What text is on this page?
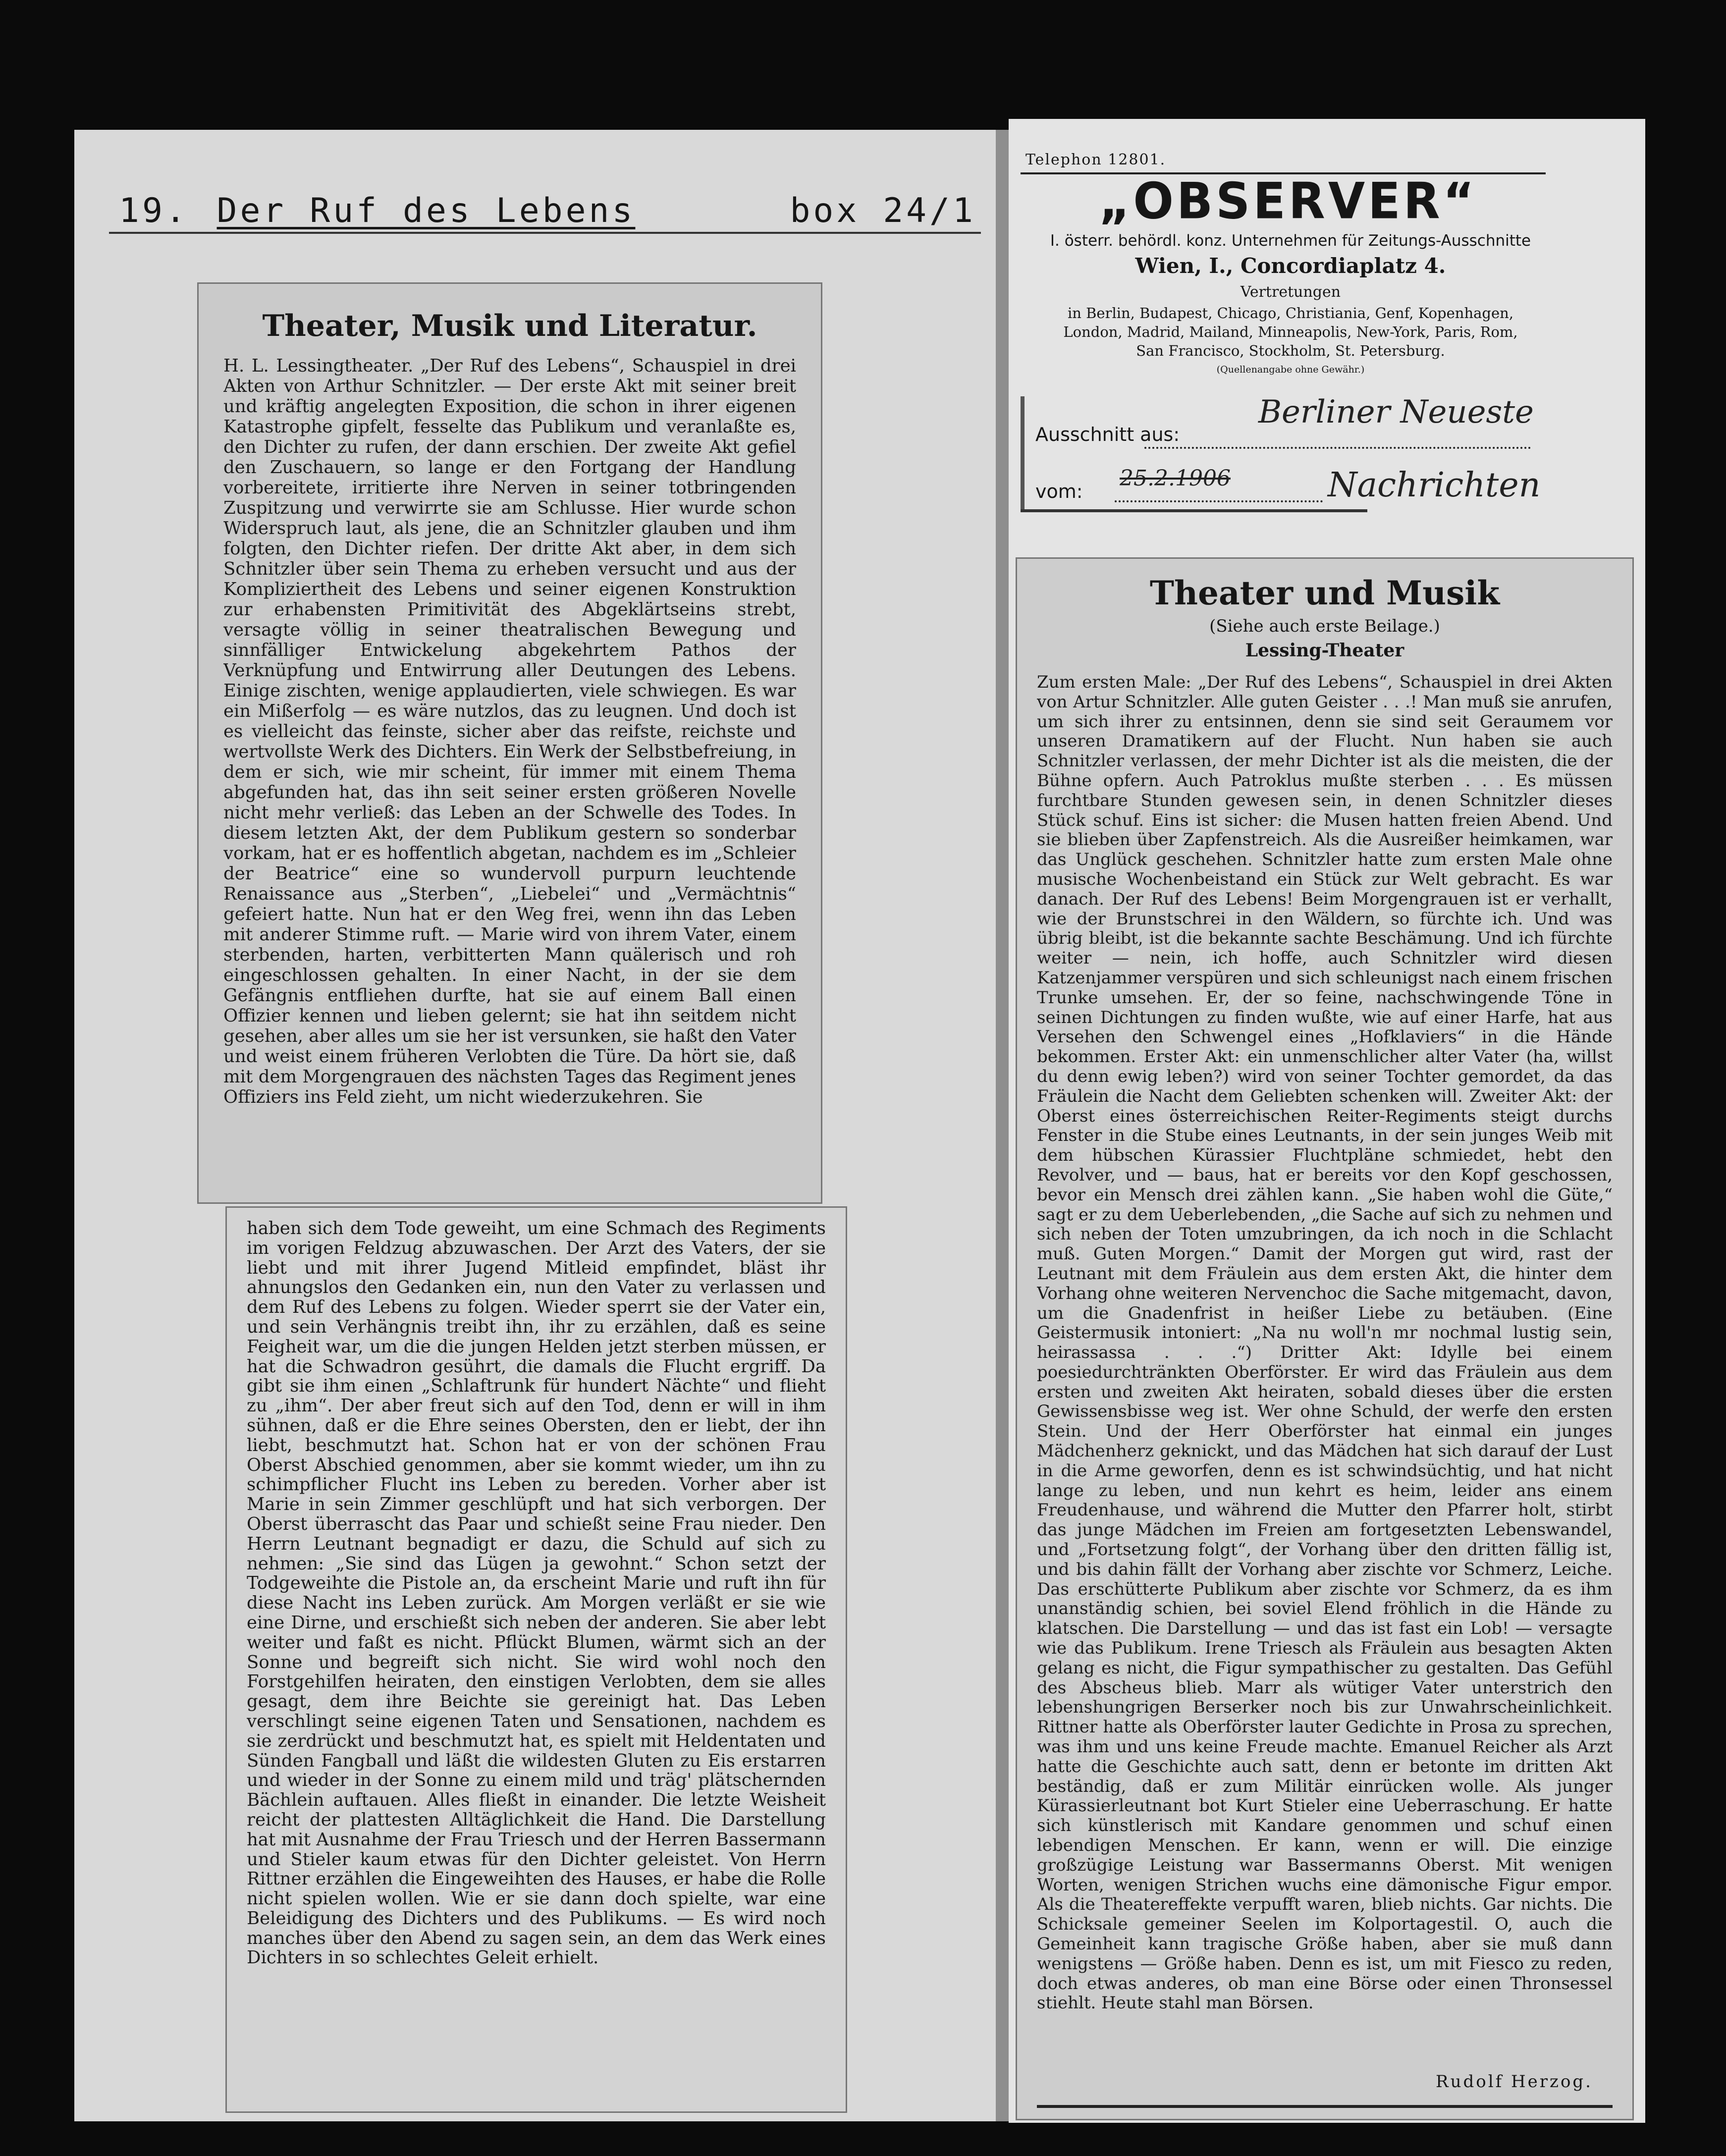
19. Der Ruf des Lebens	box 24/1
Theater, Musik und Literatur.

H. L. Lessingtheater. „Der Ruf des Lebens“, Schauspiel in drei Akten von Arthur Schnitzler. — Der erste Akt mit seiner breit und kräftig angelegten Exposition, die schon in ihrer eigenen Katastrophe gipfelt, fesselte das Publikum und veranlaßte es, den Dichter zu rufen, der dann erschien. Der zweite Akt gefiel den Zuschauern, so lange er den Fortgang der Handlung vorbereitete, irritierte ihre Nerven in seiner totbringenden Zuspitzung und verwirrte sie am Schlusse. Hier wurde schon Widerspruch laut, als jene, die an Schnitzler glauben und ihm folgten, den Dichter riefen. Der dritte Akt aber, in dem sich Schnitzler über sein Thema zu erheben versucht und aus der Kompliziertheit des Lebens und seiner eigenen Konstruktion zur erhabensten Primitivität des Abgeklärtseins strebt, versagte völlig in seiner theatralischen Bewegung und sinnfälliger Entwickelung abgekehrtem Pathos der Verknüpfung und Entwirrung aller Deutungen des Lebens. Einige zischten, wenige applaudierten, viele schwiegen. Es war ein Mißerfolg — es wäre nutzlos, das zu leugnen. Und doch ist es vielleicht das feinste, sicher aber das reifste, reichste und wertvollste Werk des Dichters. Ein Werk der Selbstbefreiung, in dem er sich, wie mir scheint, für immer mit einem Thema abgefunden hat, das ihn seit seiner ersten größeren Novelle nicht mehr verließ: das Leben an der Schwelle des Todes. In diesem letzten Akt, der dem Publikum gestern so sonderbar vorkam, hat er es hoffentlich abgetan, nachdem es im „Schleier der Beatrice“ eine so wundervoll purpurn leuchtende Renaissance aus „Sterben“, „Liebelei“ und „Vermächtnis“ gefeiert hatte. Nun hat er den Weg frei, wenn ihn das Leben mit anderer Stimme ruft. — Marie wird von ihrem Vater, einem sterbenden, harten, verbitterten Mann quälerisch und roh eingeschlossen gehalten. In einer Nacht, in der sie dem Gefängnis entfliehen durfte, hat sie auf einem Ball einen Offizier kennen und lieben gelernt; sie hat ihn seitdem nicht gesehen, aber alles um sie her ist versunken, sie haßt den Vater und weist einem früheren Verlobten die Türe. Da hört sie, daß mit dem Morgengrauen des nächsten Tages das Regiment jenes Offiziers ins Feld zieht, um nicht wiederzukehren. Sie

haben sich dem Tode geweiht, um eine Schmach des Regiments im vorigen Feldzug abzuwaschen. Der Arzt des Vaters, der sie liebt und mit ihrer Jugend Mitleid empfindet, bläst ihr ahnungslos den Gedanken ein, nun den Vater zu verlassen und dem Ruf des Lebens zu folgen. Wieder sperrt sie der Vater ein, und sein Verhängnis treibt ihn, ihr zu erzählen, daß es seine Feigheit war, um die die jungen Helden jetzt sterben müssen, er hat die Schwadron gesührt, die damals die Flucht ergriff. Da gibt sie ihm einen „Schlaftrunk für hundert Nächte“ und flieht zu „ihm“. Der aber freut sich auf den Tod, denn er will in ihm sühnen, daß er die Ehre seines Obersten, den er liebt, der ihn liebt, beschmutzt hat. Schon hat er von der schönen Frau Oberst Abschied genommen, aber sie kommt wieder, um ihn zu schimpflicher Flucht ins Leben zu bereden. Vorher aber ist Marie in sein Zimmer geschlüpft und hat sich verborgen. Der Oberst überrascht das Paar und schießt seine Frau nieder. Den Herrn Leutnant begnadigt er dazu, die Schuld auf sich zu nehmen: „Sie sind das Lügen ja gewohnt.“ Schon setzt der Todgeweihte die Pistole an, da erscheint Marie und ruft ihn für diese Nacht ins Leben zurück. Am Morgen verläßt er sie wie eine Dirne, und erschießt sich neben der anderen. Sie aber lebt weiter und faßt es nicht. Pflückt Blumen, wärmt sich an der Sonne und begreift sich nicht. Sie wird wohl noch den Forstgehilfen heiraten, den einstigen Verlobten, dem sie alles gesagt, dem ihre Beichte sie gereinigt hat. Das Leben verschlingt seine eigenen Taten und Sensationen, nachdem es sie zerdrückt und beschmutzt hat, es spielt mit Heldentaten und Sünden Fangball und läßt die wildesten Gluten zu Eis erstarren und wieder in der Sonne zu einem mild und träg' plätschernden Bächlein auftauen. Alles fließt in einander. Die letzte Weisheit reicht der plattesten Alltäglichkeit die Hand. Die Darstellung hat mit Ausnahme der Frau Triesch und der Herren Bassermann und Stieler kaum etwas für den Dichter geleistet. Von Herrn Rittner erzählen die Eingeweihten des Hauses, er habe die Rolle nicht spielen wollen. Wie er sie dann doch spielte, war eine Beleidigung des Dichters und des Publikums. — Es wird noch manches über den Abend zu sagen sein, an dem das Werk eines Dichters in so schlechtes Geleit erhielt.

Telephon 12801.
„OBSERVER“
I. österr. behördl. konz. Unternehmen für Zeitungs-Ausschnitte
Wien, I., Concordiaplatz 4.
Vertretungen
in Berlin, Budapest, Chicago, Christiania, Genf, Kopenhagen,
London, Madrid, Mailand, Minneapolis, New-York, Paris, Rom,
San Francisco, Stockholm, St. Petersburg.
(Quellenangabe ohne Gewähr.)
Ausschnitt aus:
Berliner Neueste
vom:
25.2.1906	Nachrichten
Theater und Musik
(Siehe auch erste Beilage.)
Lessing-Theater

Zum ersten Male: „Der Ruf des Lebens“, Schauspiel in drei Akten von Artur Schnitzler. Alle guten Geister . . .! Man muß sie anrufen, um sich ihrer zu entsinnen, denn sie sind seit Geraumem vor unseren Dramatikern auf der Flucht. Nun haben sie auch Schnitzler verlassen, der mehr Dichter ist als die meisten, die der Bühne opfern. Auch Patroklus mußte sterben . . . Es müssen furchtbare Stunden gewesen sein, in denen Schnitzler dieses Stück schuf. Eins ist sicher: die Musen hatten freien Abend. Und sie blieben über Zapfenstreich. Als die Ausreißer heimkamen, war das Unglück geschehen. Schnitzler hatte zum ersten Male ohne musische Wochenbeistand ein Stück zur Welt gebracht. Es war danach. Der Ruf des Lebens! Beim Morgengrauen ist er verhallt, wie der Brunstschrei in den Wäldern, so fürchte ich. Und was übrig bleibt, ist die bekannte sachte Beschämung. Und ich fürchte weiter — nein, ich hoffe, auch Schnitzler wird diesen Katzenjammer verspüren und sich schleunigst nach einem frischen Trunke umsehen. Er, der so feine, nachschwingende Töne in seinen Dichtungen zu finden wußte, wie auf einer Harfe, hat aus Versehen den Schwengel eines „Hofklaviers“ in die Hände bekommen. Erster Akt: ein unmenschlicher alter Vater (ha, willst du denn ewig leben?) wird von seiner Tochter gemordet, da das Fräulein die Nacht dem Geliebten schenken will. Zweiter Akt: der Oberst eines österreichischen Reiter-Regiments steigt durchs Fenster in die Stube eines Leutnants, in der sein junges Weib mit dem hübschen Kürassier Fluchtpläne schmiedet, hebt den Revolver, und — baus, hat er bereits vor den Kopf geschossen, bevor ein Mensch drei zählen kann. „Sie haben wohl die Güte,“ sagt er zu dem Ueberlebenden, „die Sache auf sich zu nehmen und sich neben der Toten umzubringen, da ich noch in die Schlacht muß. Guten Morgen.“ Damit der Morgen gut wird, rast der Leutnant mit dem Fräulein aus dem ersten Akt, die hinter dem Vorhang ohne weiteren Nervenchoc die Sache mitgemacht, davon, um die Gnadenfrist in heißer Liebe zu betäuben. (Eine Geistermusik intoniert: „Na nu woll'n mr nochmal lustig sein, heirassassa . . .“) Dritter Akt: Idylle bei einem poesiedurchtränkten Oberförster. Er wird das Fräulein aus dem ersten und zweiten Akt heiraten, sobald dieses über die ersten Gewissensbisse weg ist. Wer ohne Schuld, der werfe den ersten Stein. Und der Herr Oberförster hat einmal ein junges Mädchenherz geknickt, und das Mädchen hat sich darauf der Lust in die Arme geworfen, denn es ist schwindsüchtig, und hat nicht lange zu leben, und nun kehrt es heim, leider ans einem Freudenhause, und während die Mutter den Pfarrer holt, stirbt das junge Mädchen im Freien am fortgesetzten Lebenswandel, und „Fortsetzung folgt“, der Vorhang über den dritten fällig ist, und bis dahin fällt der Vorhang aber zischte vor Schmerz, Leiche. Das erschütterte Publikum aber zischte vor Schmerz, da es ihm unanständig schien, bei soviel Elend fröhlich in die Hände zu klatschen. Die Darstellung — und das ist fast ein Lob! — versagte wie das Publikum. Irene Triesch als Fräulein aus besagten Akten gelang es nicht, die Figur sympathischer zu gestalten. Das Gefühl des Abscheus blieb. Marr als wütiger Vater unterstrich den lebenshungrigen Berserker noch bis zur Unwahrscheinlichkeit. Rittner hatte als Oberförster lauter Gedichte in Prosa zu sprechen, was ihm und uns keine Freude machte. Emanuel Reicher als Arzt hatte die Geschichte auch satt, denn er betonte im dritten Akt beständig, daß er zum Militär einrücken wolle. Als junger Kürassierleutnant bot Kurt Stieler eine Ueberraschung. Er hatte sich künstlerisch mit Kandare genommen und schuf einen lebendigen Menschen. Er kann, wenn er will. Die einzige großzügige Leistung war Bassermanns Oberst. Mit wenigen Worten, wenigen Strichen wuchs eine dämonische Figur empor. Als die Theatereffekte verpufft waren, blieb nichts. Gar nichts. Die Schicksale gemeiner Seelen im Kolportagestil. O, auch die Gemeinheit kann tragische Größe haben, aber sie muß dann wenigstens — Größe haben. Denn es ist, um mit Fiesco zu reden, doch etwas anderes, ob man eine Börse oder einen Thronsessel stiehlt. Heute stahl man Börsen.

Rudolf Herzog.
